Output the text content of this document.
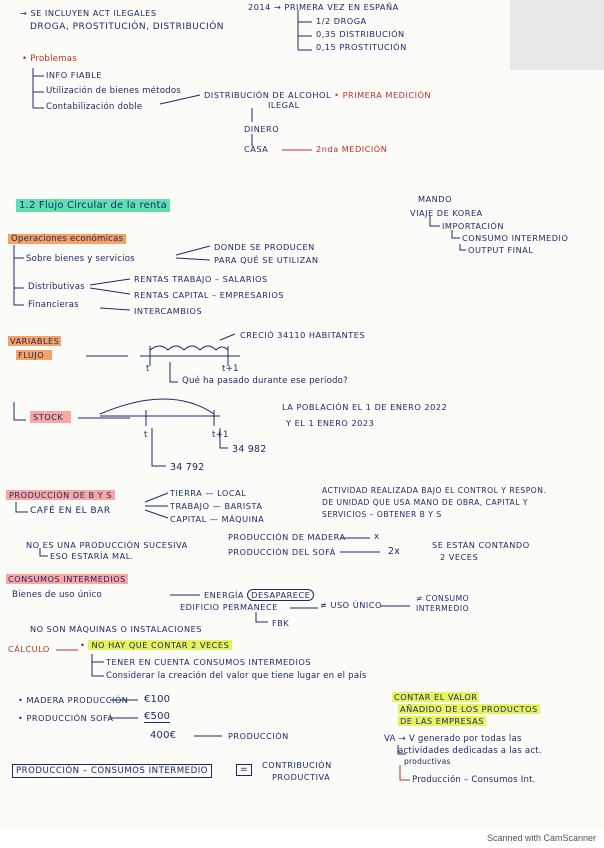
→ SE INCLUYEN ACT ILEGALES
DROGA, PROSTITUCIÓN, DISTRIBUCIÓN
2014 → PRIMERA VEZ EN ESPAÑA
1/2 DROGA
0,35 DISTRIBUCIÓN
0,15 PROSTITUCIÓN
• Problemas
INFO FIABLE
Utilización de bienes métodos
Contabilización doble
DISTRIBUCIÓN DE ALCOHOL • PRIMERA MEDICIÓN
ILEGAL
DINERO
CASA	2nda MEDICIÓN
1.2 Flujo Circular de la renta
MANDO
VIAJE DE KOREA
IMPORTACIÓN
CONSUMO INTERMEDIO
OUTPUT FINAL
Operaciones económicas
Sobre bienes y servicios
DONDE SE PRODUCEN
PARA QUÉ SE UTILIZAN
Distributivas
RENTAS TRABAJO – SALARIOS
RENTAS CAPITAL – EMPRESARIOS
Financieras
INTERCAMBIOS
VARIABLES
FLUJO
CRECIÓ 34110 HABITANTES
t	t+1
Qué ha pasado durante ese periodo?
STOCK
LA POBLACIÓN EL 1 DE ENERO 2022
Y EL 1 ENERO 2023
t	t+1
34 792
34 982
PRODUCCIÓN DE B Y S
CAFÉ EN EL BAR
TIERRA — LOCAL
TRABAJO — BARISTA
CAPITAL — MÁQUINA
ACTIVIDAD REALIZADA BAJO EL CONTROL Y RESPON.
DE UNIDAD QUE USA MANO DE OBRA, CAPITAL Y
SERVICIOS – OBTENER B Y S
NO ES UNA PRODUCCIÓN SUCESIVA
ESO ESTARÍA MAL.
PRODUCCIÓN DE MADERA	x
PRODUCCIÓN DEL SOFÁ	2x
SE ESTÁN CONTANDO
2 VECES
CONSUMOS INTERMEDIOS
Bienes de uso único	ENERGÍA DESAPARECE
EDIFICIO PERMANECE	≠ USO ÚNICO
≠ CONSUMO INTERMEDIO
FBK
NO SON MÁQUINAS O INSTALACIONES
CÁLCULO	• NO HAY QUE CONTAR 2 VECES
TENER EN CUENTA CONSUMOS INTERMEDIOS
Considerar la creación del valor que tiene lugar en el país
• MADERA PRODUCCIÓN €100
• PRODUCCIÓN SOFÁ	€500
400€	PRODUCCIÓN
PRODUCCIÓN – CONSUMOS INTERMEDIO	=	CONTRIBUCIÓN
PRODUCTIVA
CONTAR EL VALOR
AÑADIDO DE LOS PRODUCTOS
DE LAS EMPRESAS
VA → V generado por todas las
actividades dedicadas a las act.
productivas
Producción – Consumos Int.
Scanned with CamScanner
